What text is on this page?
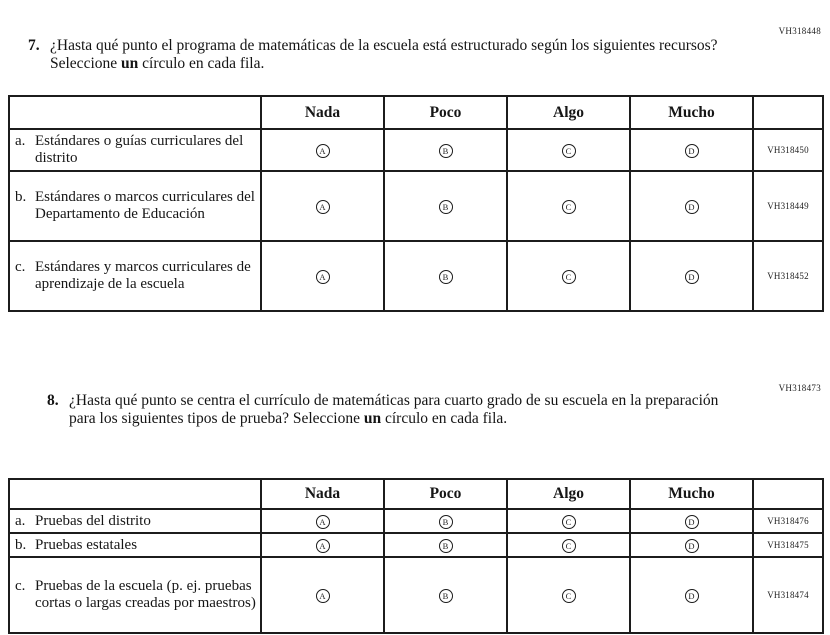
VH318448
7. ¿Hasta qué punto el programa de matemáticas de la escuela está estructurado según los siguientes recursos? Seleccione un círculo en cada fila.
	Nada	Poco	Algo	Mucho	

a. Estándares o guías curriculares del distrito	A	B	C	D	VH318450

b. Estándares o marcos curriculares del Departamento de Educación	A	B	C	D	VH318449

c. Estándares y marcos curriculares de aprendizaje de la escuela	A	B	C	D	VH318452
VH318473
8. ¿Hasta qué punto se centra el currículo de matemáticas para cuarto grado de su escuela en la preparación para los siguientes tipos de prueba? Seleccione un círculo en cada fila.
	Nada	Poco	Algo	Mucho	

a. Pruebas del distrito	A	B	C	D	VH318476

b. Pruebas estatales	A	B	C	D	VH318475

c. Pruebas de la escuela (p. ej. pruebas cortas o largas creadas por maestros)	A	B	C	D	VH318474
